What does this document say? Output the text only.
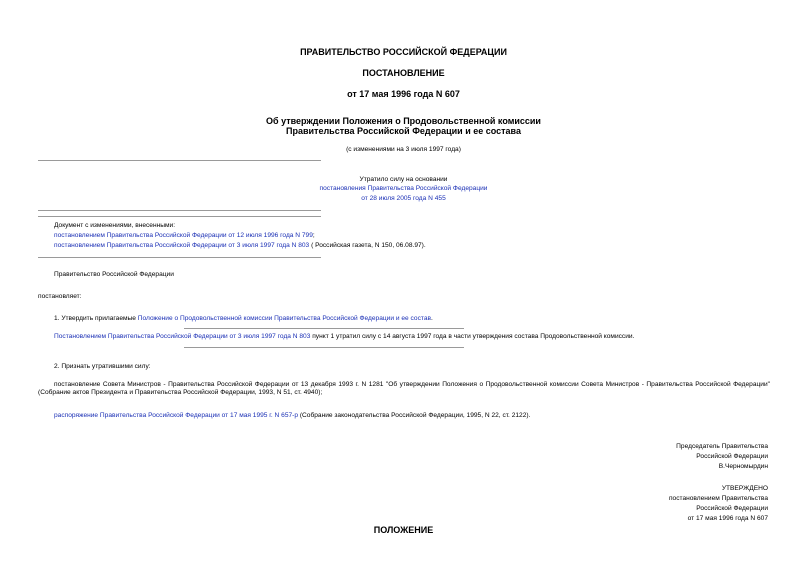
ПРАВИТЕЛЬСТВО РОССИЙСКОЙ ФЕДЕРАЦИИ
ПОСТАНОВЛЕНИЕ
от 17 мая 1996 года N 607
Об утверждении Положения о Продовольственной комиссии
Правительства Российской Федерации и ее состава
(с изменениями на 3 июля 1997 года)
Утратило силу на основании
постановления Правительства Российской Федерации
от 28 июля 2005 года N 455
Документ с изменениями, внесенными:
постановлением Правительства Российской Федерации от 12 июля 1996 года N 799;
постановлением Правительства Российской Федерации от 3 июля 1997 года N 803 ( Российская газета, N 150, 06.08.97).
Правительство Российской Федерации
постановляет:
1. Утвердить прилагаемые Положение о Продовольственной комиссии Правительства Российской Федерации и ее состав.
Постановлением Правительства Российской Федерации от 3 июля 1997 года N 803 пункт 1 утратил силу с 14 августа 1997 года в части утверждения состава Продовольственной комиссии.
2. Признать утратившими силу:
постановление Совета Министров - Правительства Российской Федерации от 13 декабря 1993 г. N 1281 "Об утверждении Положения о Продовольственной комиссии Совета Министров - Правительства Российской Федерации" (Собрание актов Президента и Правительства Российской Федерации, 1993, N 51, ст. 4940);
распоряжение Правительства Российской Федерации от 17 мая 1995 г. N 657-р (Собрание законодательства Российской Федерации, 1995, N 22, ст. 2122).
Председатель Правительства
Российской Федерации
В.Черномырдин
УТВЕРЖДЕНО
постановлением Правительства
Российской Федерации
от 17 мая 1996 года N 607
ПОЛОЖЕНИЕ
